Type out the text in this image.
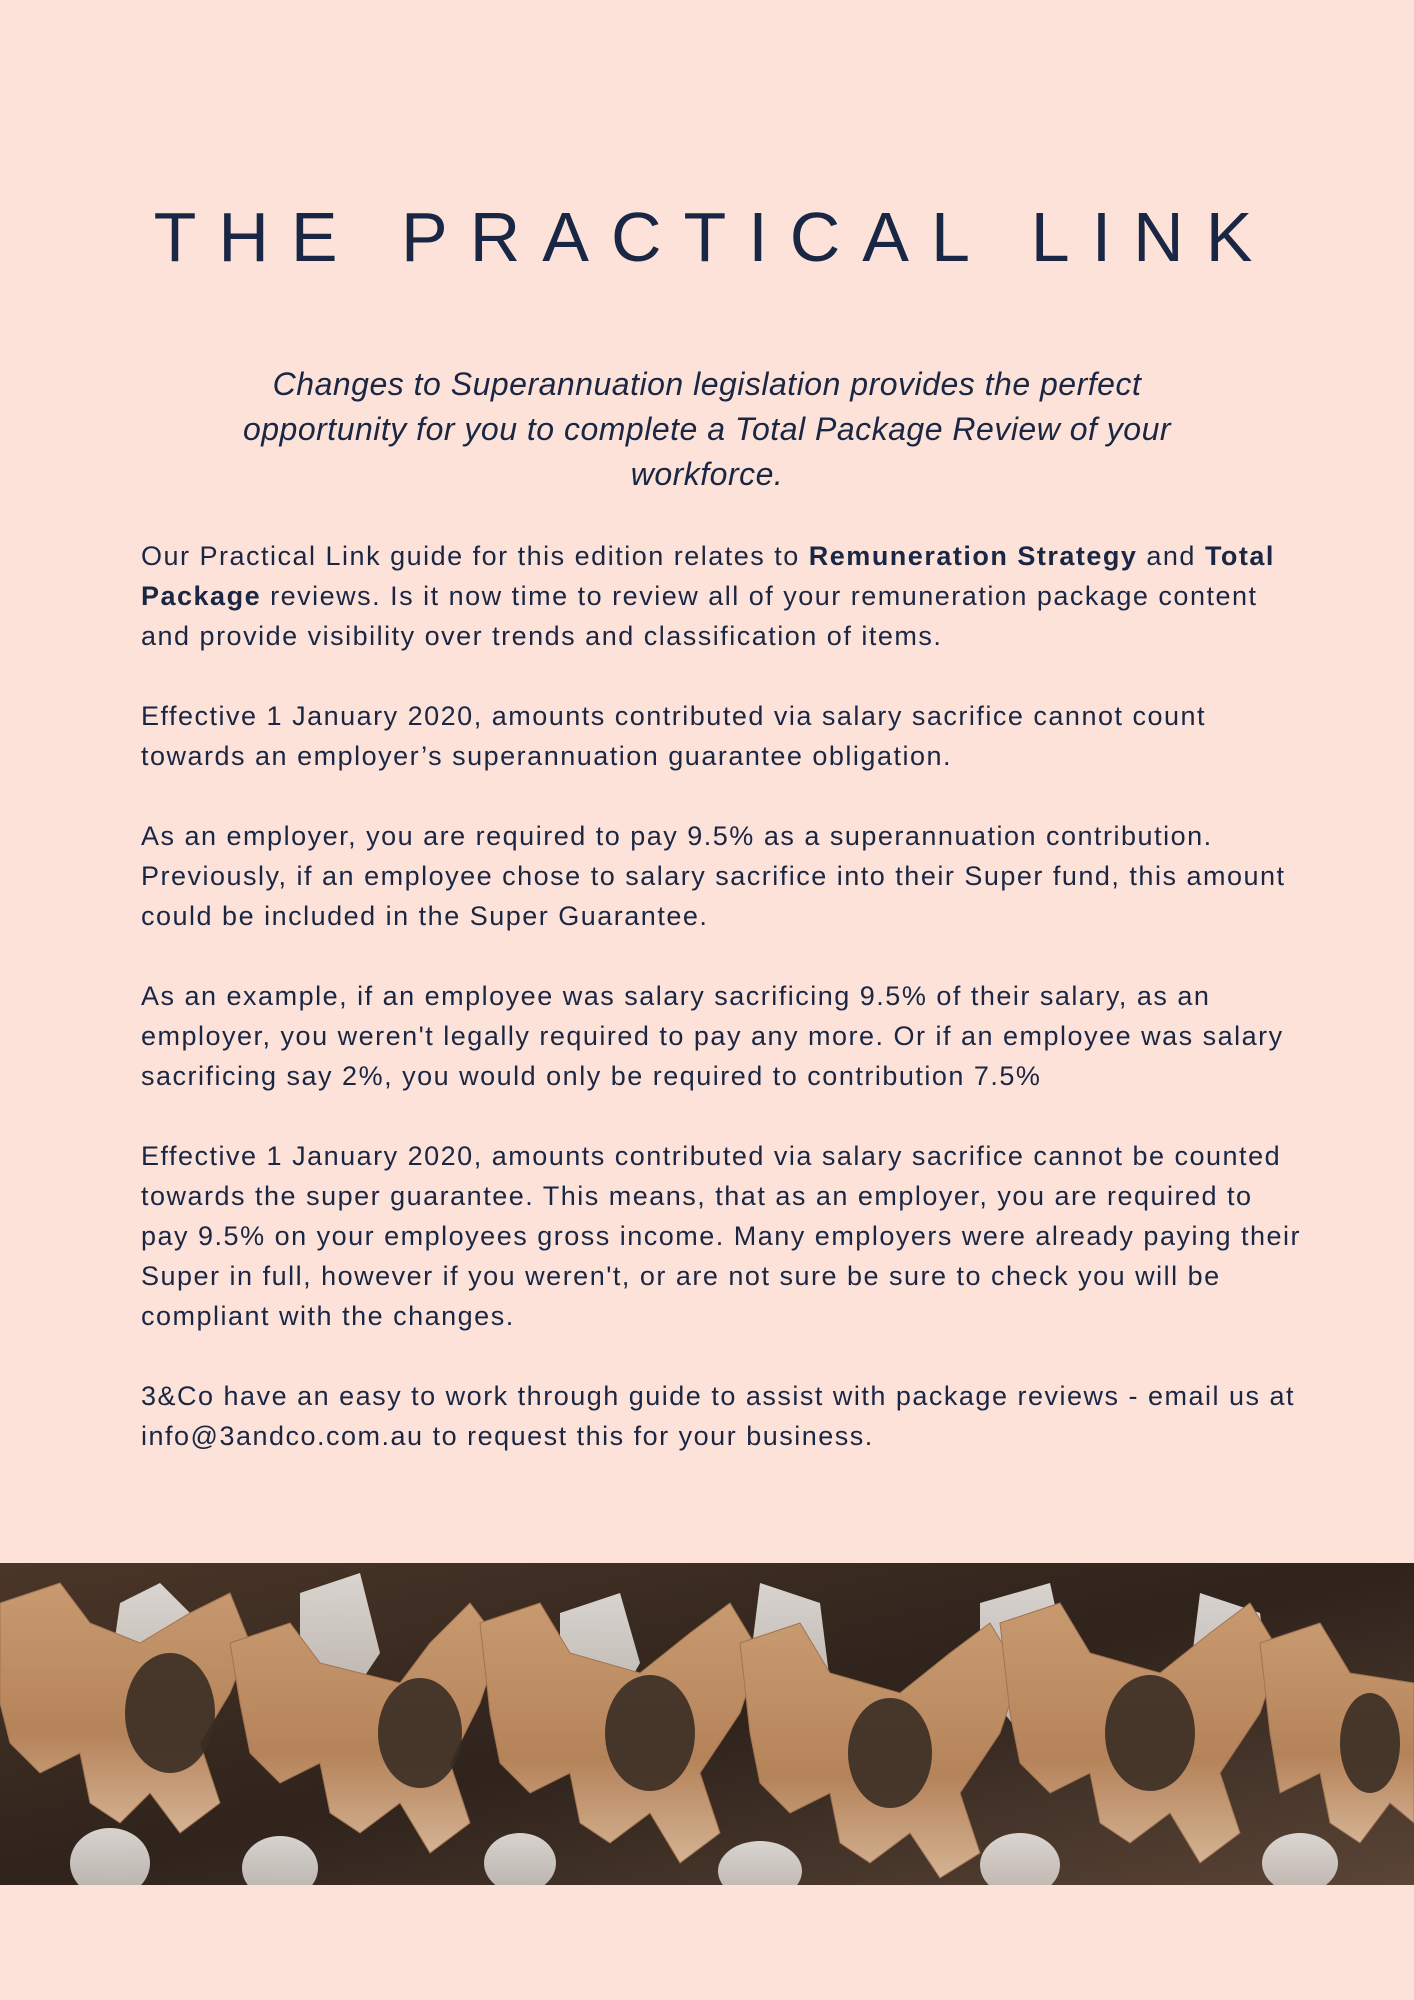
THE PRACTICAL LINK

Changes to Superannuation legislation provides the perfect opportunity for you to complete a Total Package Review of your workforce.

Our Practical Link guide for this edition relates to Remuneration Strategy and Total Package reviews. Is it now time to review all of your remuneration package content and provide visibility over trends and classification of items.

Effective 1 January 2020, amounts contributed via salary sacrifice cannot count towards an employer’s superannuation guarantee obligation.

As an employer, you are required to pay 9.5% as a superannuation contribution. Previously, if an employee chose to salary sacrifice into their Super fund, this amount could be included in the Super Guarantee.

As an example, if an employee was salary sacrificing 9.5% of their salary, as an employer, you weren't legally required to pay any more. Or if an employee was salary sacrificing say 2%, you would only be required to contribution 7.5%

Effective 1 January 2020, amounts contributed via salary sacrifice cannot be counted towards the super guarantee. This means, that as an employer, you are required to pay 9.5% on your employees gross income. Many employers were already paying their Super in full, however if you weren't, or are not sure be sure to check you will be compliant with the changes.

3&Co have an easy to work through guide to assist with package reviews - email us at info@3andco.com.au to request this for your business.
